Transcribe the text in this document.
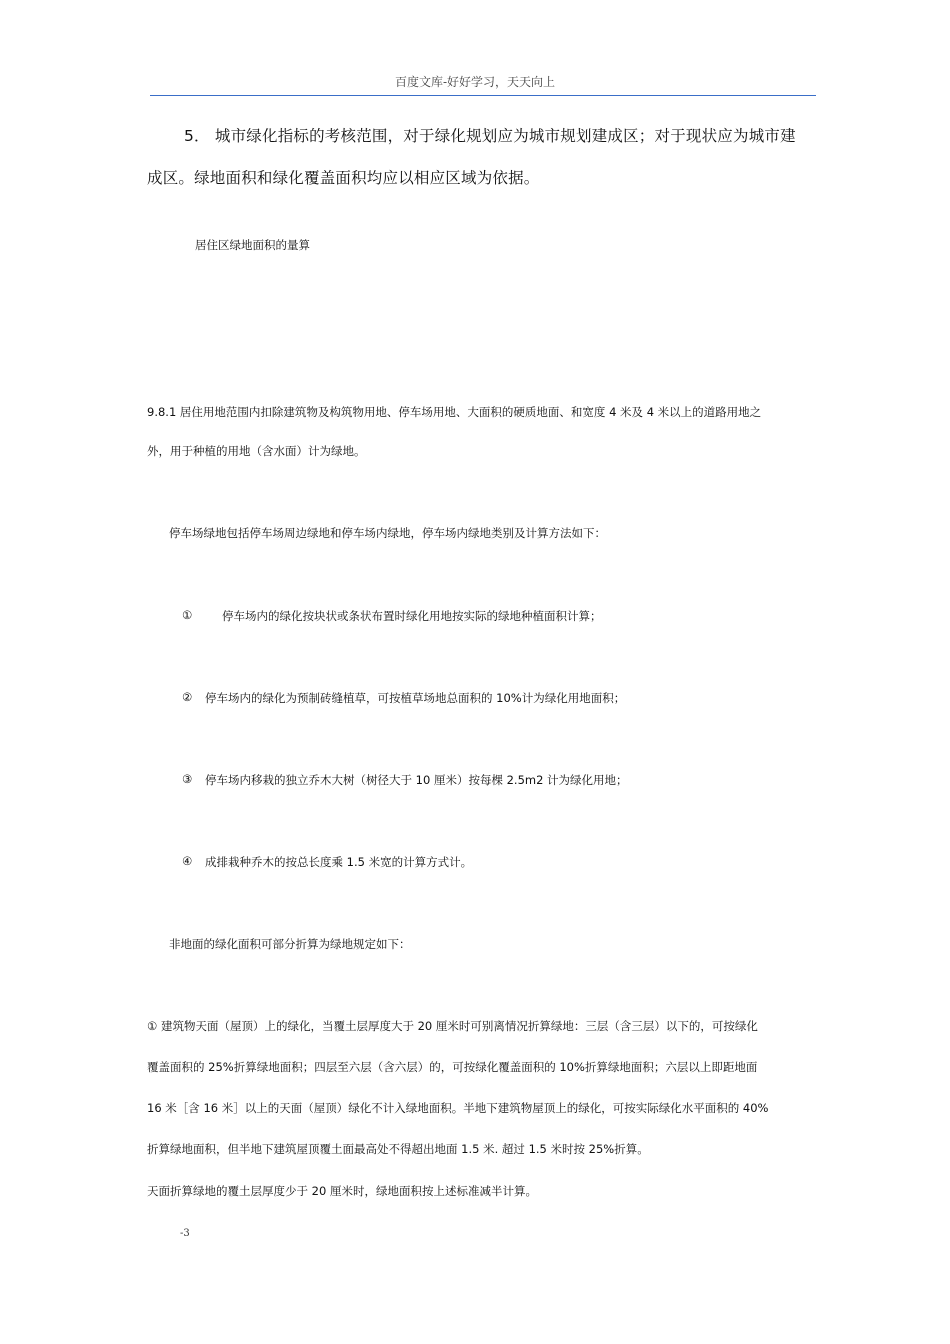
百度文库-好好学习，天天向上
5． 城市绿化指标的考核范围，对于绿化规划应为城市规划建成区；对于现状应为城市建
成区。绿地面积和绿化覆盖面积均应以相应区域为依据。
居住区绿地面积的量算
9.8.1 居住用地范围内扣除建筑物及构筑物用地、停车场用地、大面积的硬质地面、和宽度 4 米及 4 米以上的道路用地之
外，用于种植的用地（含水面）计为绿地。
停车场绿地包括停车场周边绿地和停车场内绿地，停车场内绿地类别及计算方法如下：
①	停车场内的绿化按块状或条状布置时绿化用地按实际的绿地种植面积计算；
② 停车场内的绿化为预制砖缝植草，可按植草场地总面积的 10%计为绿化用地面积；
③ 停车场内移栽的独立乔木大树（树径大于 10 厘米）按每棵 2.5m2 计为绿化用地；
④ 成排栽种乔木的按总长度乘 1.5 米宽的计算方式计。
非地面的绿化面积可部分折算为绿地规定如下：
① 建筑物天面（屋顶）上的绿化，当覆土层厚度大于 20 厘米时可别离情况折算绿地：三层（含三层）以下的，可按绿化
覆盖面积的 25%折算绿地面积；四层至六层（含六层）的，可按绿化覆盖面积的 10%折算绿地面积；六层以上即距地面
16 米［含 16 米］以上的天面（屋顶）绿化不计入绿地面积。半地下建筑物屋顶上的绿化，可按实际绿化水平面积的 40%
折算绿地面积，但半地下建筑屋顶覆土面最高处不得超出地面 1.5 米. 超过 1.5 米时按 25%折算。
天面折算绿地的覆土层厚度少于 20 厘米时，绿地面积按上述标准减半计算。
-3
